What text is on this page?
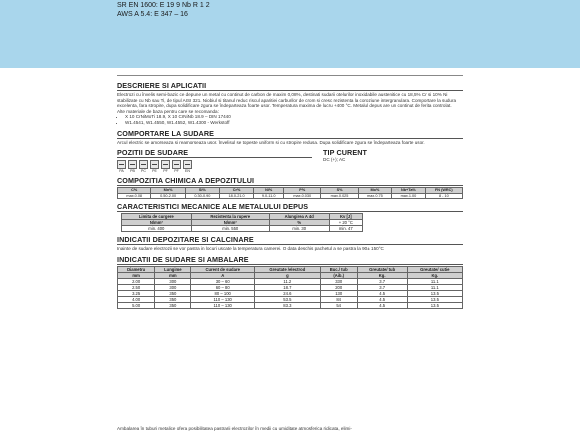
SR EN 1600: E 19 9 Nb R 1 2
AWS A 5.4: E 347 – 16
DESCRIERE SI APLICATII

Electrozi cu învelis semi-bazic ce depune un metal cu continut de carbon de maxim 0,08%, destinati sudarii otelurilor inoxidabile austenitice cu 18,5% Cr si 10% Ni stabilizate cu Nb sau Ti, de tipul AISI 321. Niobiul si titanul reduc riscul aparitiei carburilor de crom si cresc rezistenta la coroziune intergranulara. Comportare la sudura excelenta, fara stropire, dupa solidificare zgura se îndeparteaza foarte usor. Temperatura maxima de lucru +400 °C. Metalul depus are un continut de ferita controlat.

Alte materiale de baza pentru care se recomanda:

• X 10 CrNiMoTi 18.9, X 10 CrNiNb 18.9 – DIN 17440
• W1.4541, W1.4550, W1.4552, W1.4300 - Werkstoff
COMPORTARE LA SUDARE
Arcul electric se amorseaza si reamorseaza usor. Învelisul se topeste uniform si cu stropire redusa. Dupa solidificare zgura se îndeparteaza foarte usor.
POZITII DE SUDARE
PA	PB	PC	PE	PF	PF	EN
TIP CURENT
DC (+); AC
COMPOZITIA CHIMICA A DEPOZITULUI
C%	Mn%	Si%	Cr%	Ni%	P%	S%	Mo%	Nb+Ta%	FN (WRC)
max.0.08	0.50-2.00	0.30-0.90	18.0-21.0	9.0-11.0	max.0.030	max.0.025	max.0.75	max.1.00	8 - 10
CARACTERISTICI MECANICE ALE METALULUI DEPUS
Limita de curgere	Rezistenta la rupere	Alungirea A 4d	Kv [J]
N/mm²	N/mm²	%	+ 20 °C
min. 400	min. 550	min. 30	min. 47
INDICATII DEPOZITARE SI CALCINARE
Inainte de sudare electrozii se vor pastra in locuri uscate la temperatura camerei. O data deschis pachetul a se pastra la 90± 150°C
INDICATII DE SUDARE SI AMBALARE
Diametru	Lungime	Curent de sudare	Greutate /electrod	Buc./ tub	Greutate/ tub	Greutate/ cutie
mm	mm	A	g	(Aib.)	Kg.	Kg.
2.00	300	30 – 60	11.2	330	3.7	11.1
2.50	300	60 – 80	18.7	200	3.7	11.1
3.25	350	80 – 100	24.6	130	4.5	13.5
4.00	350	110 – 130	53.5	84	4.5	13.5
5.00	350	110 – 130	83.3	54	4.5	13.5
Ambalarea în tuburi metalice ofera posibilitatea pastrarii electrozilor în medii cu umiditate atmosferica ridicata, elimi-
